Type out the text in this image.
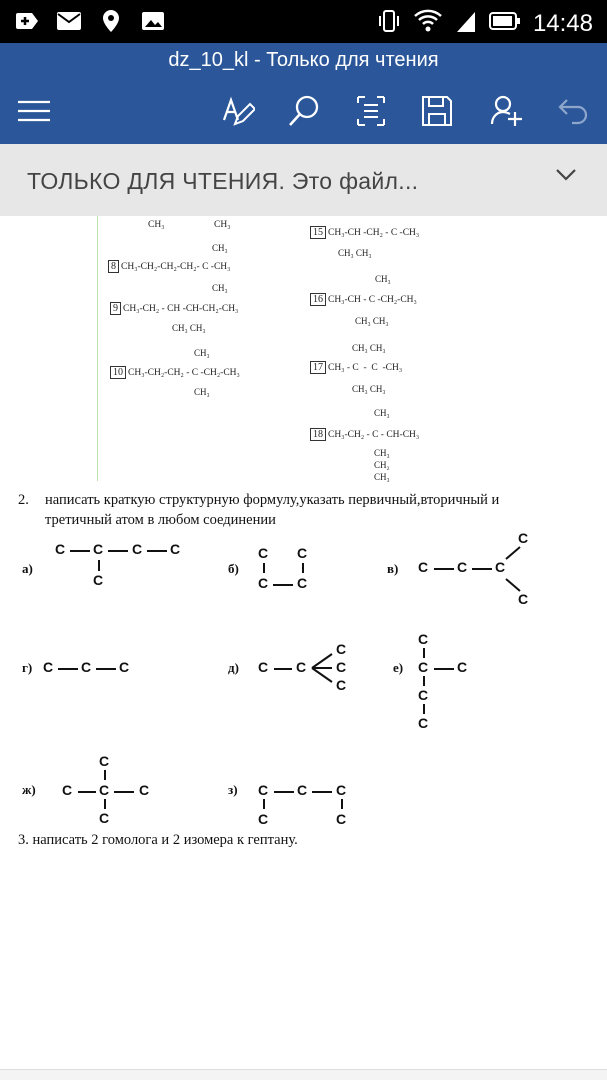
14:48
dz_10_kl - Только для чтения
ТОЛЬКО ДЛЯ ЧТЕНИЯ. Это файл...
CH₃	CH₃
CH₃
8 CH₃-CH₂-CH₂-CH₂- C -CH₃
CH₃
9 CH₃-CH₂ - CH -CH-CH₂-CH₃
CH₃ CH₃
CH₃
10 CH₃-CH₂-CH₂ - C -CH₂-CH₃
CH₃
15 CH₃-CH -CH₂ - C -CH₃
CH₃ CH₃
CH₃
16 CH₃-CH - C -CH₂-CH₃
CH₃ CH₃
CH₃ CH₃
17 CH₃ - C  -  C  -CH₃
CH₃ CH₃
CH₃
18 CH₃-CH₂ - C - CH-CH₃
CH₃
CH₂
CH₃
2. написать краткую структурную формулу,указать первичный,вторичный и
третичный атом в любом соединении
а)
C C C C
C
б)
C C
C C
в) C C C
C
C
г) C C C	д) C C
C
C
C
е)
C
C C
C
C
ж)
C
C C C
C
з) C C C
C	C
3. написать 2 гомолога и 2 изомера к гептану.
